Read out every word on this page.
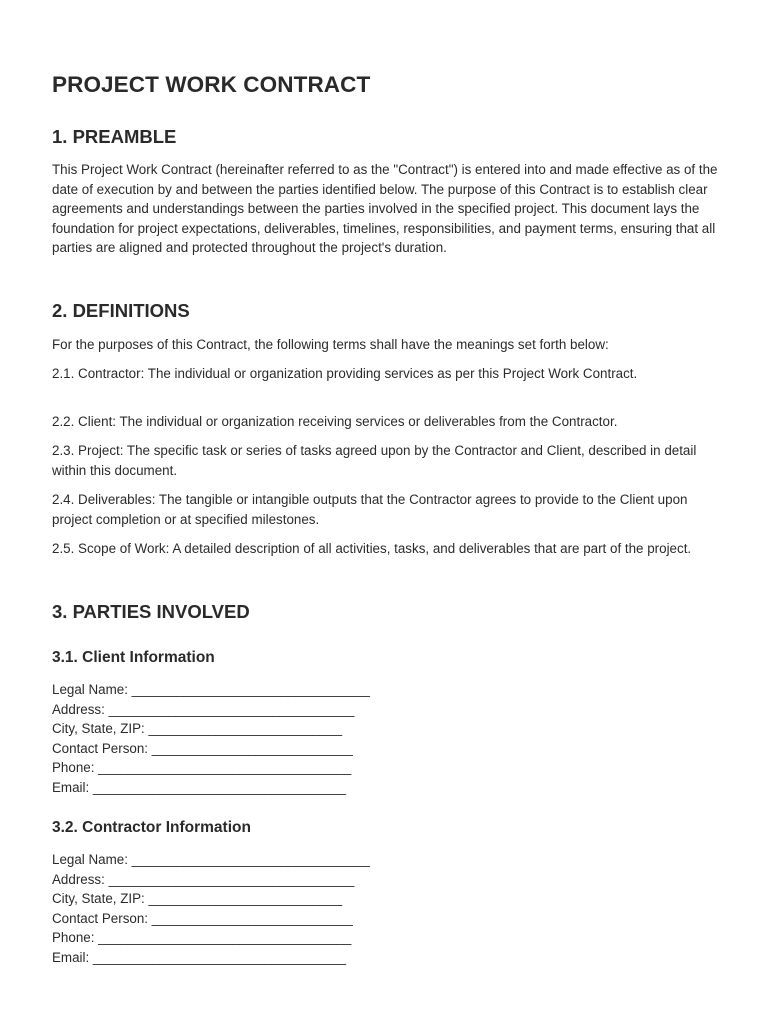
PROJECT WORK CONTRACT
1. PREAMBLE

This Project Work Contract (hereinafter referred to as the "Contract") is entered into and made effective as of the date of execution by and between the parties identified below. The purpose of this Contract is to establish clear agreements and understandings between the parties involved in the specified project. This document lays the foundation for project expectations, deliverables, timelines, responsibilities, and payment terms, ensuring that all parties are aligned and protected throughout the project's duration.

2. DEFINITIONS

For the purposes of this Contract, the following terms shall have the meanings set forth below:

2.1. Contractor: The individual or organization providing services as per this Project Work Contract.

2.2. Client: The individual or organization receiving services or deliverables from the Contractor.

2.3. Project: The specific task or series of tasks agreed upon by the Contractor and Client, described in detail within this document.

2.4. Deliverables: The tangible or intangible outputs that the Contractor agrees to provide to the Client upon project completion or at specified milestones.

2.5. Scope of Work: A detailed description of all activities, tasks, and deliverables that are part of the project.

3. PARTIES INVOLVED
3.1. Client Information
Legal Name: ________________________________
Address: _________________________________
City, State, ZIP: __________________________
Contact Person: ___________________________
Phone: __________________________________
Email: __________________________________
3.2. Contractor Information
Legal Name: ________________________________
Address: _________________________________
City, State, ZIP: __________________________
Contact Person: ___________________________
Phone: __________________________________
Email: __________________________________
